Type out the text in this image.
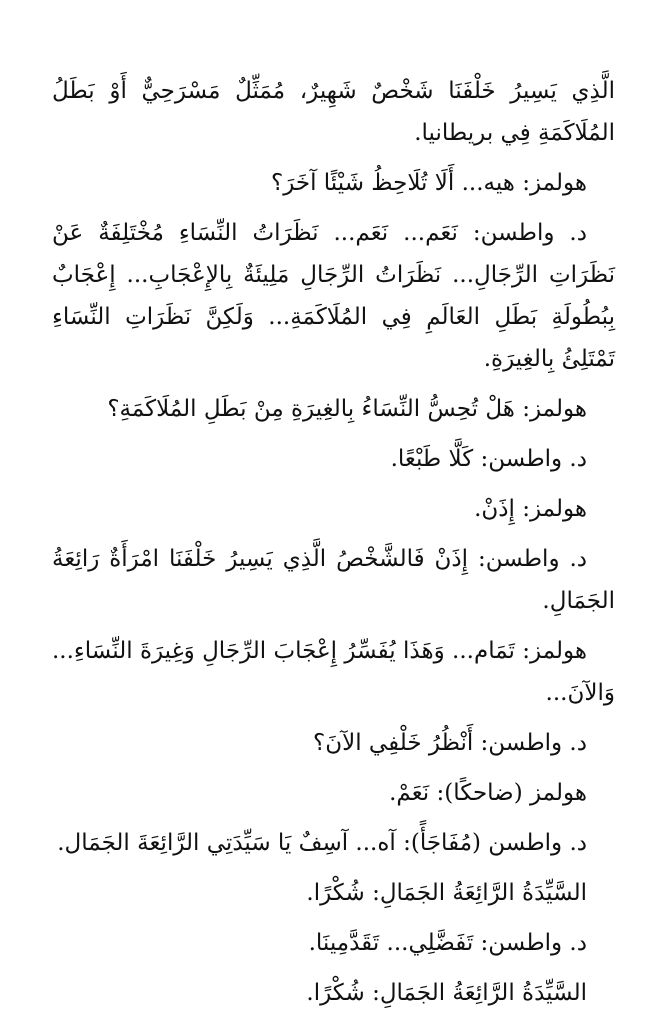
الَّذِي يَسِيرُ خَلْفَنَا شَخْصٌ شَهِيرٌ، مُمَثِّلٌ مَسْرَحِيٌّ أَوْ بَطَلُ المُلَاكَمَةِ فِي بريطانيا.

هولمز: هيه... أَلَا تُلَاحِظُ شَيْئًا آخَرَ؟

د. واطسن: نَعَم... نَعَم... نَظَرَاتُ النِّسَاءِ مُخْتَلِفَةٌ عَنْ نَظَرَاتِ الرِّجَالِ... نَظَرَاتُ الرِّجَالِ مَلِيئَةٌ بِالإِعْجَابِ... إِعْجَابٌ بِبُطُولَةِ بَطَلِ العَالَمِ فِي المُلَاكَمَةِ... وَلَكِنَّ نَظَرَاتِ النِّسَاءِ تَمْتَلِئُ بِالغِيرَةِ.

هولمز: هَلْ تُحِسُّ النِّسَاءُ بِالغِيرَةِ مِنْ بَطَلِ المُلَاكَمَةِ؟

د. واطسن: كَلَّا طَبْعًا.

هولمز: إِذَنْ.

د. واطسن: إِذَنْ فَالشَّخْصُ الَّذِي يَسِيرُ خَلْفَنَا امْرَأَةٌ رَائِعَةُ الجَمَالِ.

هولمز: تَمَام... وَهَذَا يُفَسِّرُ إِعْجَابَ الرِّجَالِ وَغِيرَةَ النِّسَاءِ... وَالآنَ...

د. واطسن: أَنْظُرُ خَلْفِي الآنَ؟

هولمز (ضاحكًا): نَعَمْ.

د. واطسن (مُفَاجَأً): آه... آسِفٌ يَا سَيِّدَتِي الرَّائِعَةَ الجَمَال.

السَّيِّدَةُ الرَّائِعَةُ الجَمَالِ: شُكْرًا.

د. واطسن: تَفَضَّلِي... تَقَدَّمِينَا.

السَّيِّدَةُ الرَّائِعَةُ الجَمَالِ: شُكْرًا.
